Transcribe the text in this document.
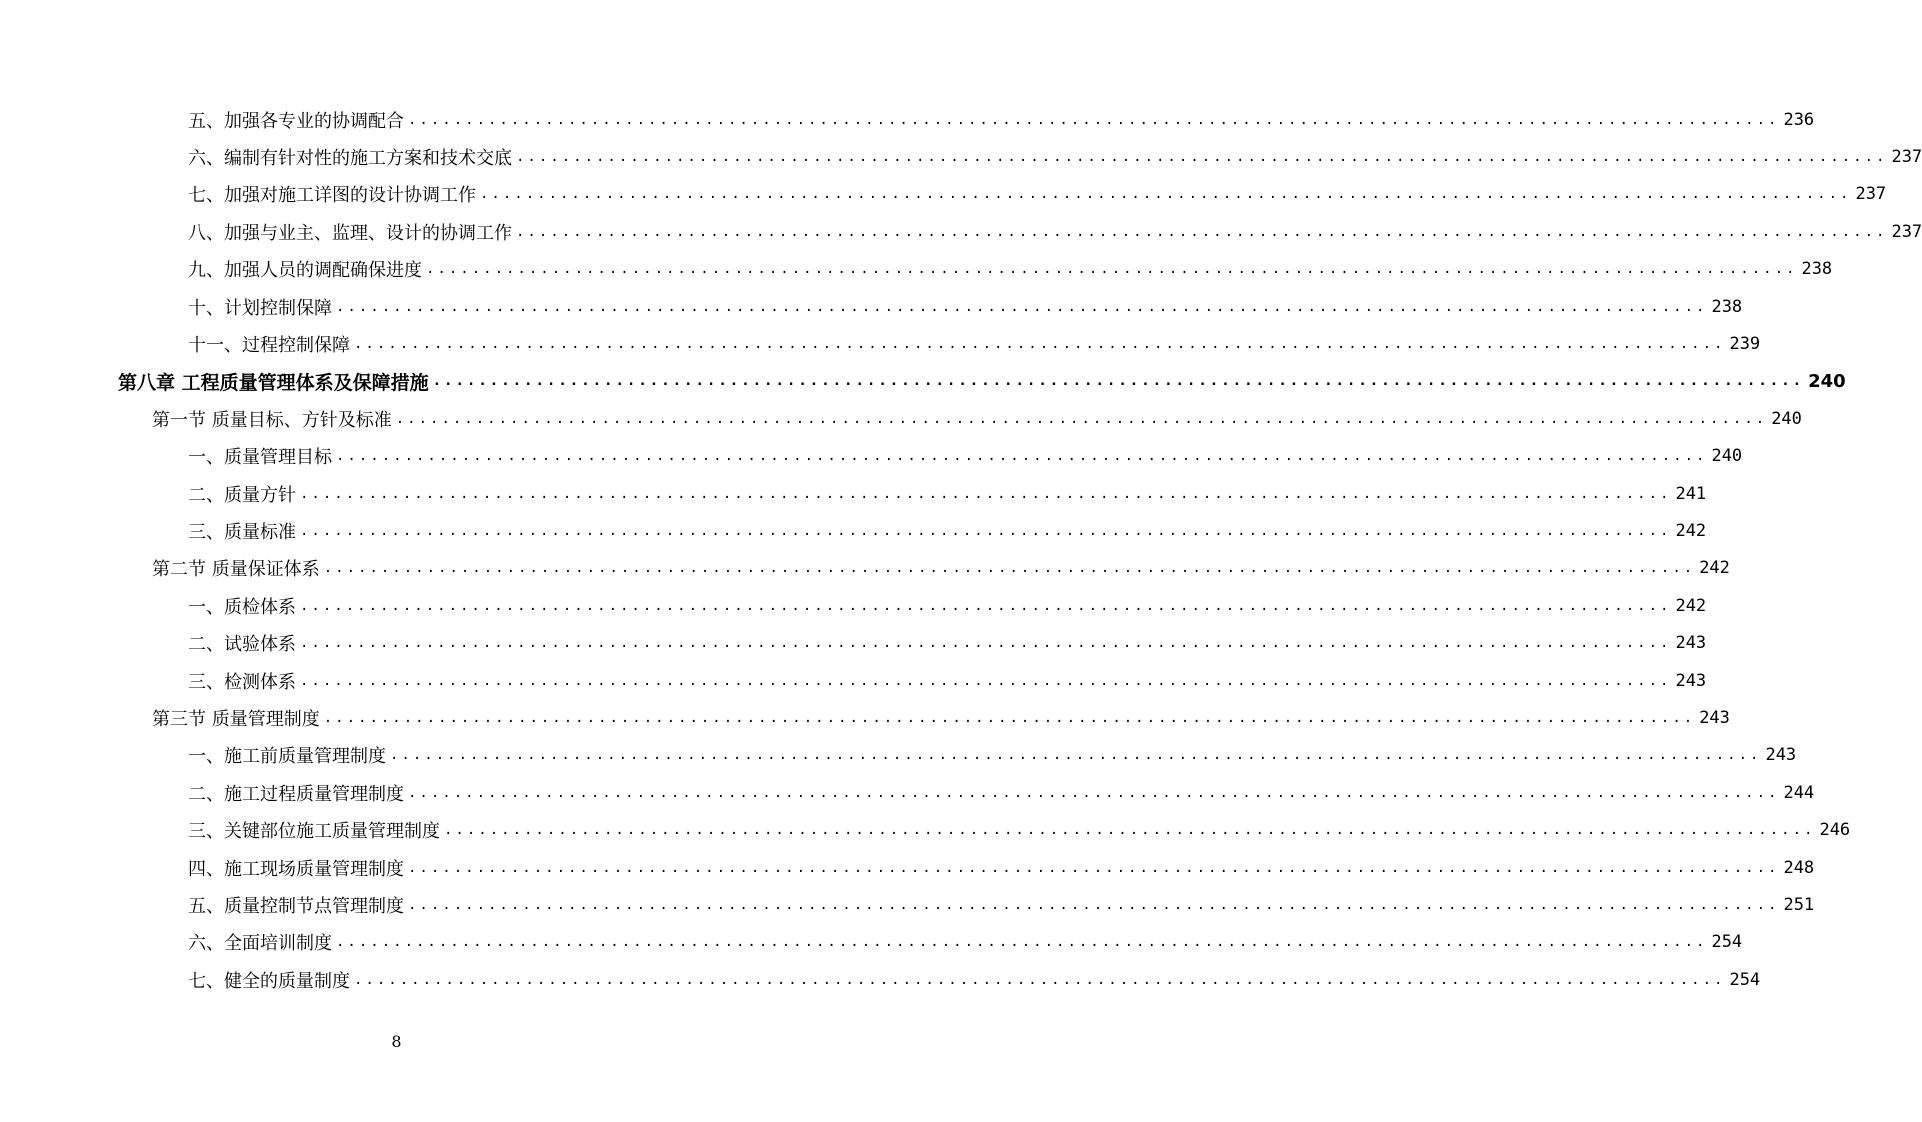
五、加强各专业的协调配合 ........................................................................................................................ 236
六、编制有针对性的施工方案和技术交底 ........................................................................................................................ 237
七、加强对施工详图的设计协调工作 ........................................................................................................................ 237
八、加强与业主、监理、设计的协调工作 ........................................................................................................................ 237
九、加强人员的调配确保进度 ........................................................................................................................ 238
十、计划控制保障 ........................................................................................................................ 238
十一、过程控制保障 ........................................................................................................................ 239
第八章 工程质量管理体系及保障措施 ........................................................................................................................ 240
第一节 质量目标、方针及标准 ........................................................................................................................ 240
一、质量管理目标 ........................................................................................................................ 240
二、质量方针 ........................................................................................................................ 241
三、质量标准 ........................................................................................................................ 242
第二节 质量保证体系 ........................................................................................................................ 242
一、质检体系 ........................................................................................................................ 242
二、试验体系 ........................................................................................................................ 243
三、检测体系 ........................................................................................................................ 243
第三节 质量管理制度 ........................................................................................................................ 243
一、施工前质量管理制度 ........................................................................................................................ 243
二、施工过程质量管理制度 ........................................................................................................................ 244
三、关键部位施工质量管理制度 ........................................................................................................................ 246
四、施工现场质量管理制度 ........................................................................................................................ 248
五、质量控制节点管理制度 ........................................................................................................................ 251
六、全面培训制度 ........................................................................................................................ 254
七、健全的质量制度 ........................................................................................................................ 254
8
